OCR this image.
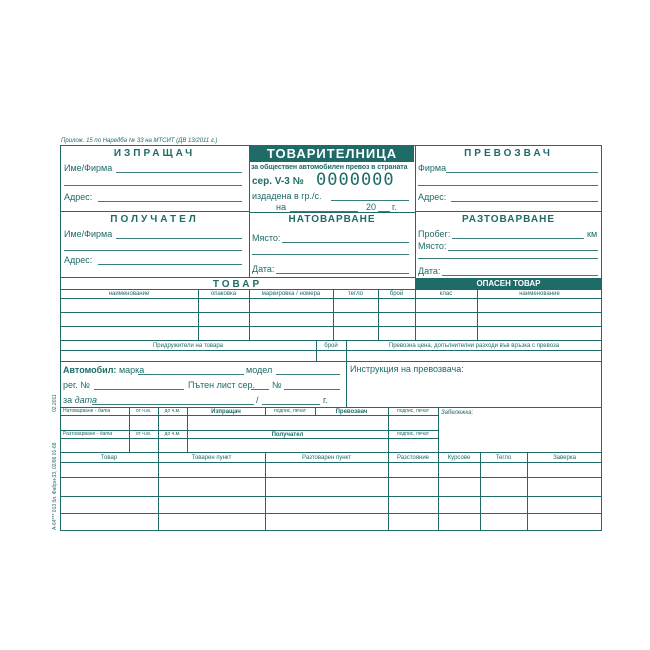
Прилож. 15 по Наредба № 33 на МТСИТ (ДВ 13/2011 г.)
ИЗПРАЩАЧ
Име/Фирма
Адрес:
ТОВАРИТЕЛНИЦА
за обществен автомобилен превоз в страната
сер. V-3 № 0000000
издадена в гр./с.
на	20 г.
ПРЕВОЗВАЧ
Фирма
Адрес:
ПОЛУЧАТЕЛ
Име/Фирма
Адрес:
НАТОВАРВАНЕ
Място:
Дата:
РАЗТОВАРВАНЕ
Пробег:	км
Място:
Дата:
ТОВАР	ОПАСЕН ТОВАР
наименование	опаковка	маркировка / номера	тегло	брой	клас	наименование
Придружители на товара	брой	Превозна цена, допълнителни разходи във връзка с превоза
Автомобил: марка	модел
рег. №	Пътен лист сер. №
за дата	/	г.
Инструкция на превозвача:
Натоварване - дата	от ч.м.	до ч.м.	Изпращач	подпис, печат	Превозвач	подпис, печат
Разтоварване - дата	от ч.м.	до ч.м.	Получател	подпис, печат
Забележка:
Товар	Товарен пункт	Разтоварен пункт	Разстояние	Курсове	Тегло	Заверка
А-64*** 013 бл. Фабри-33, 02/86 01-68
02.2011
